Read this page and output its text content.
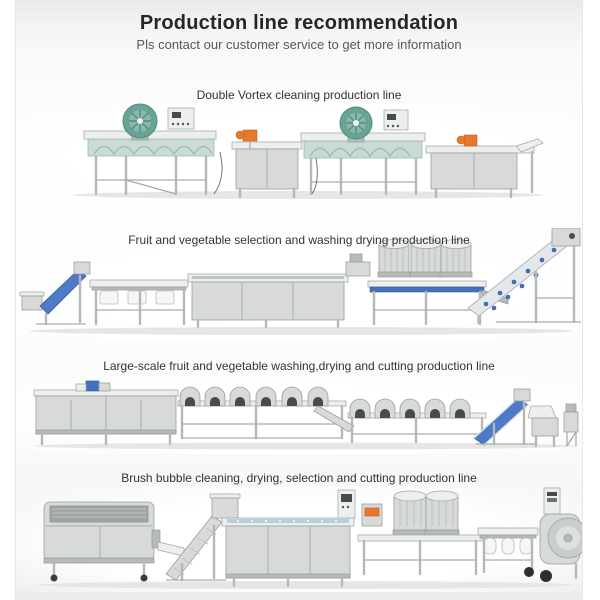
Production line recommendation
Pls contact our customer service to get more information
Double Vortex cleaning production line
Fruit and vegetable selection and washing drying production line
Large-scale fruit and vegetable washing,drying and cutting production line
Brush bubble cleaning, drying, selection and cutting production line
